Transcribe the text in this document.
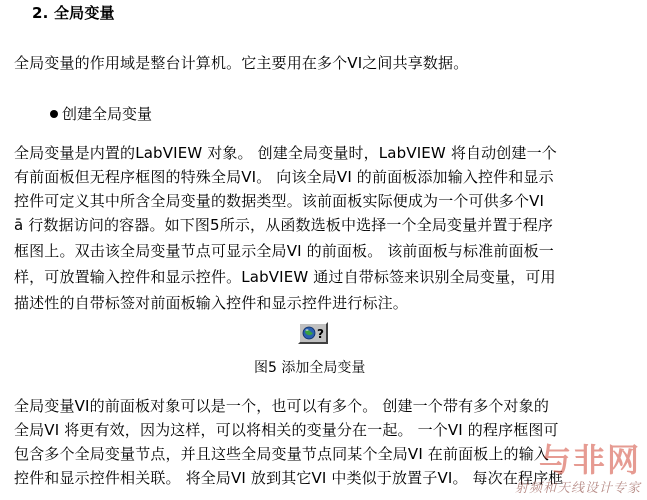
2. 全局变量
全局变量的作用域是整台计算机。它主要用在多个VI之间共享数据。
创建全局变量
全局变量是内置的LabVIEW 对象。 创建全局变量时，LabVIEW 将自动创建一个
有前面板但无程序框图的特殊全局VI。 向该全局VI 的前面板添加输入控件和显示
控件可定义其中所含全局变量的数据类型。该前面板实际便成为一个可供多个VI
ā 行数据访问的容器。如下图5所示，从函数选板中选择一个全局变量并置于程序
框图上。双击该全局变量节点可显示全局VI 的前面板。 该前面板与标准前面板一
样，可放置输入控件和显示控件。LabVIEW 通过自带标签来识别全局变量，可用
描述性的自带标签对前面板输入控件和显示控件进行标注。
?
图5 添加全局变量
全局变量VI的前面板对象可以是一个，也可以有多个。 创建一个带有多个对象的
全局VI 将更有效，因为这样，可以将相关的变量分在一起。 一个VI 的程序框图可
包含多个全局变量节点，并且这些全局变量节点同某个全局VI 在前面板上的输入
控件和显示控件相关联。 将全局VI 放到其它VI 中类似于放置子VI。 每次在程序框
与非网
射频和天线设计专家
